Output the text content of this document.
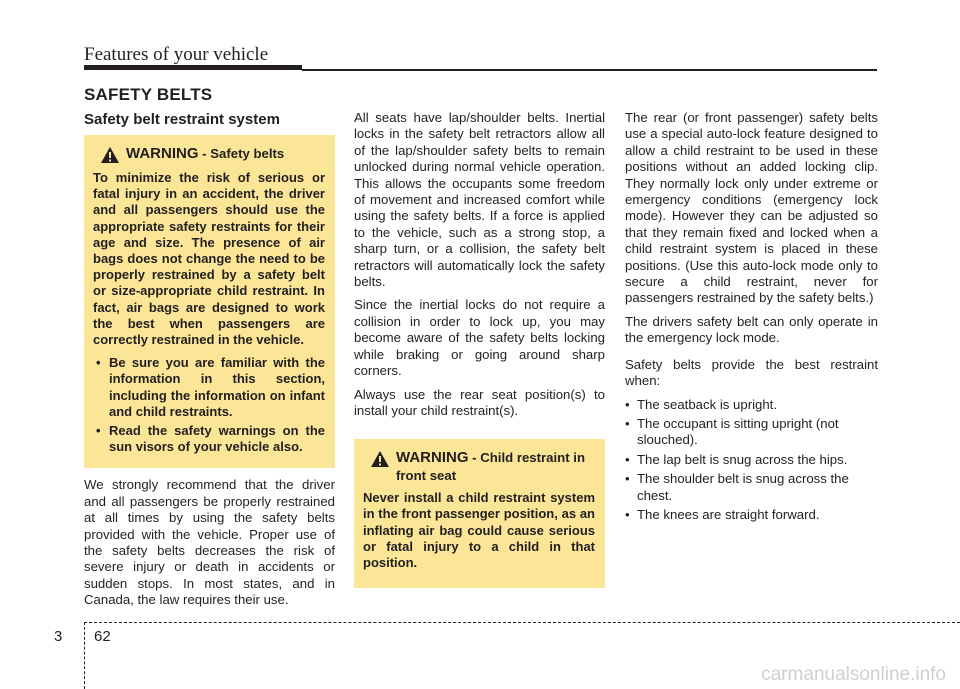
Features of your vehicle
SAFETY BELTS
Safety belt restraint system
WARNING - Safety belts

To minimize the risk of serious or fatal injury in an accident, the driver and all passengers should use the appropriate safety restraints for their age and size. The presence of air bags does not change the need to be properly restrained by a safety belt or size-appropriate child restraint. In fact, air bags are designed to work the best when passengers are correctly restrained in the vehicle.

• Be sure you are familiar with the information in this section, including the information on infant and child restraints.
• Read the safety warnings on the sun visors of your vehicle also.

We strongly recommend that the driver and all passengers be properly restrained at all times by using the safety belts provided with the vehicle. Proper use of the safety belts decreases the risk of severe injury or death in accidents or sudden stops. In most states, and in Canada, the law requires their use.

All seats have lap/shoulder belts. Inertial locks in the safety belt retractors allow all of the lap/shoulder safety belts to remain unlocked during normal vehicle operation. This allows the occupants some freedom of movement and increased comfort while using the safety belts. If a force is applied to the vehicle, such as a strong stop, a sharp turn, or a collision, the safety belt retractors will automatically lock the safety belts.

Since the inertial locks do not require a collision in order to lock up, you may become aware of the safety belts locking while braking or going around sharp corners.

Always use the rear seat position(s) to install your child restraint(s).

WARNING - Child restraint in front seat

Never install a child restraint system in the front passenger position, as an inflating air bag could cause serious or fatal injury to a child in that position.

The rear (or front passenger) safety belts use a special auto-lock feature designed to allow a child restraint to be used in these positions without an added locking clip. They normally lock only under extreme or emergency conditions (emergency lock mode). However they can be adjusted so that they remain fixed and locked when a child restraint system is placed in these positions. (Use this auto-lock mode only to secure a child restraint, never for passengers restrained by the safety belts.)

The drivers safety belt can only operate in the emergency lock mode.

Safety belts provide the best restraint when:

• The seatback is upright.
• The occupant is sitting upright (not slouched).
• The lap belt is snug across the hips.
• The shoulder belt is snug across the chest.
• The knees are straight forward.
3 62
carmanualsonline.info
